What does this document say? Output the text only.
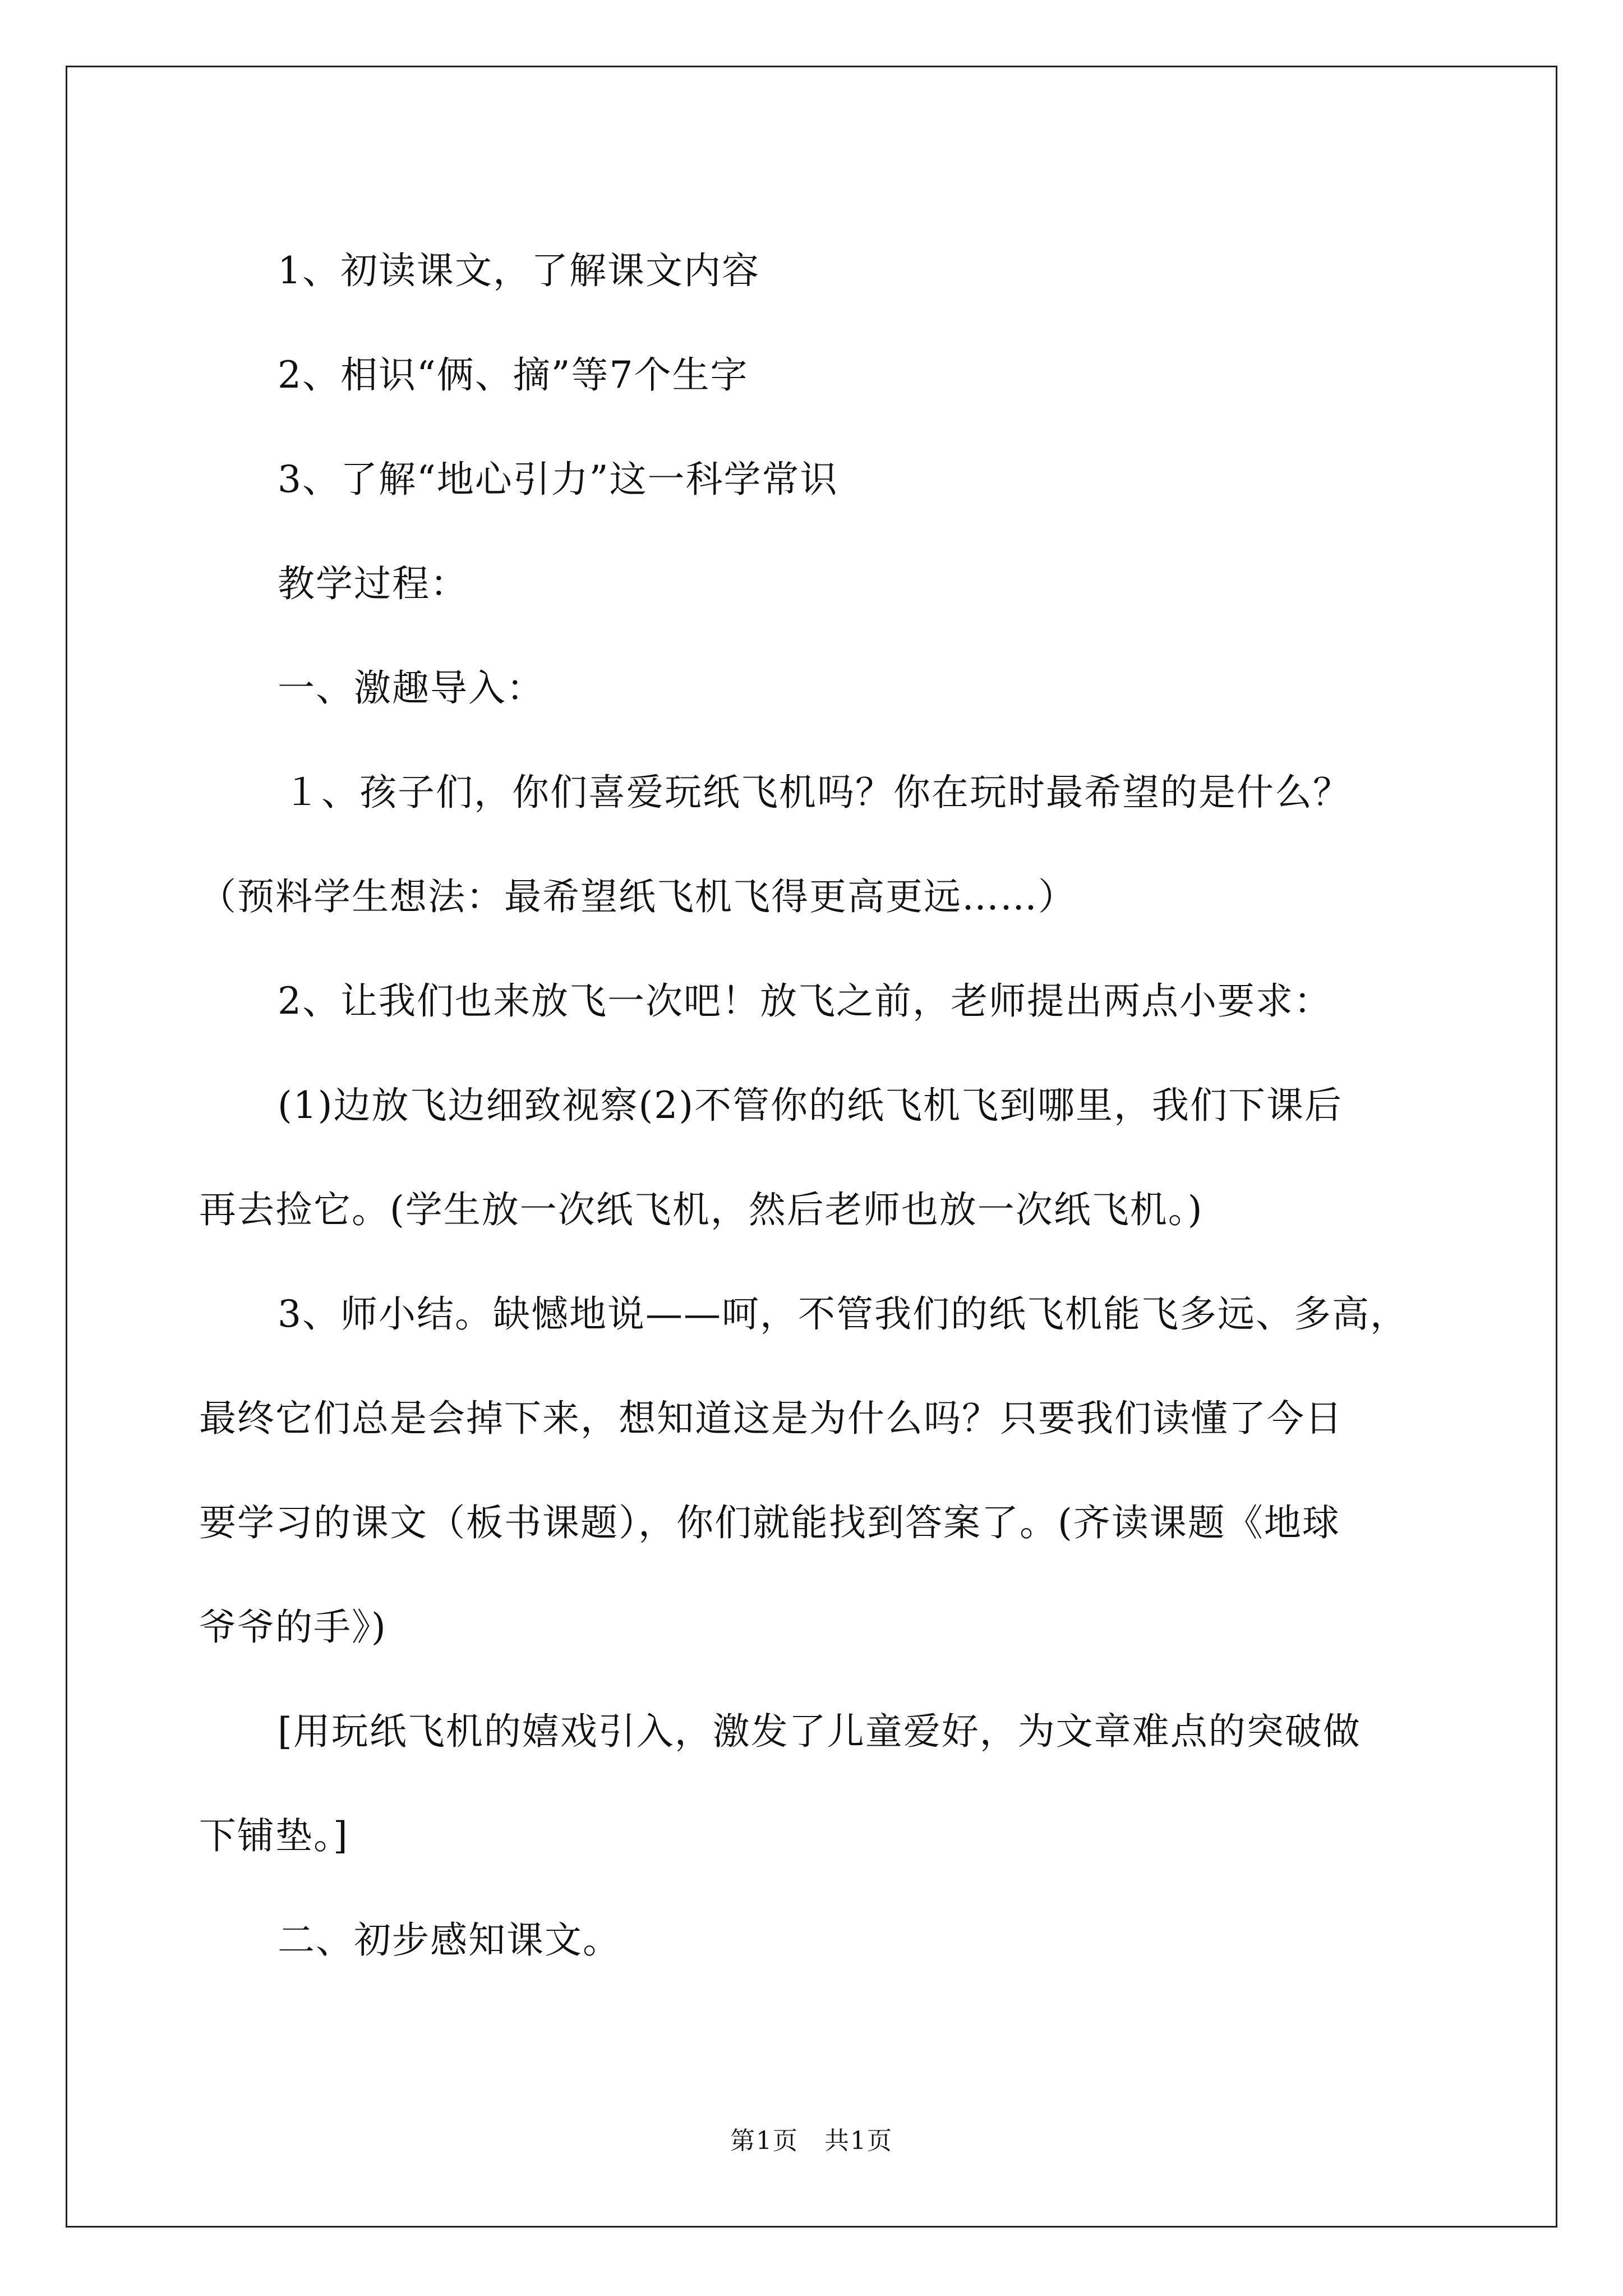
1、初读课文，了解课文内容

2、相识“俩、摘”等7个生字

3、了解“地心引力”这一科学常识

教学过程：

一、激趣导入：

１、孩子们，你们喜爱玩纸飞机吗？你在玩时最希望的是什么？

（预料学生想法：最希望纸飞机飞得更高更远……）

2、让我们也来放飞一次吧！放飞之前，老师提出两点小要求：

(1)边放飞边细致视察(2)不管你的纸飞机飞到哪里，我们下课后

再去捡它。(学生放一次纸飞机，然后老师也放一次纸飞机。)

3、师小结。缺憾地说——呵，不管我们的纸飞机能飞多远、多高，

最终它们总是会掉下来，想知道这是为什么吗？只要我们读懂了今日

要学习的课文（板书课题），你们就能找到答案了。(齐读课题《地球

爷爷的手》)

[用玩纸飞机的嬉戏引入，激发了儿童爱好，为文章难点的突破做

下铺垫。]

二、初步感知课文。

第1页　共1页
